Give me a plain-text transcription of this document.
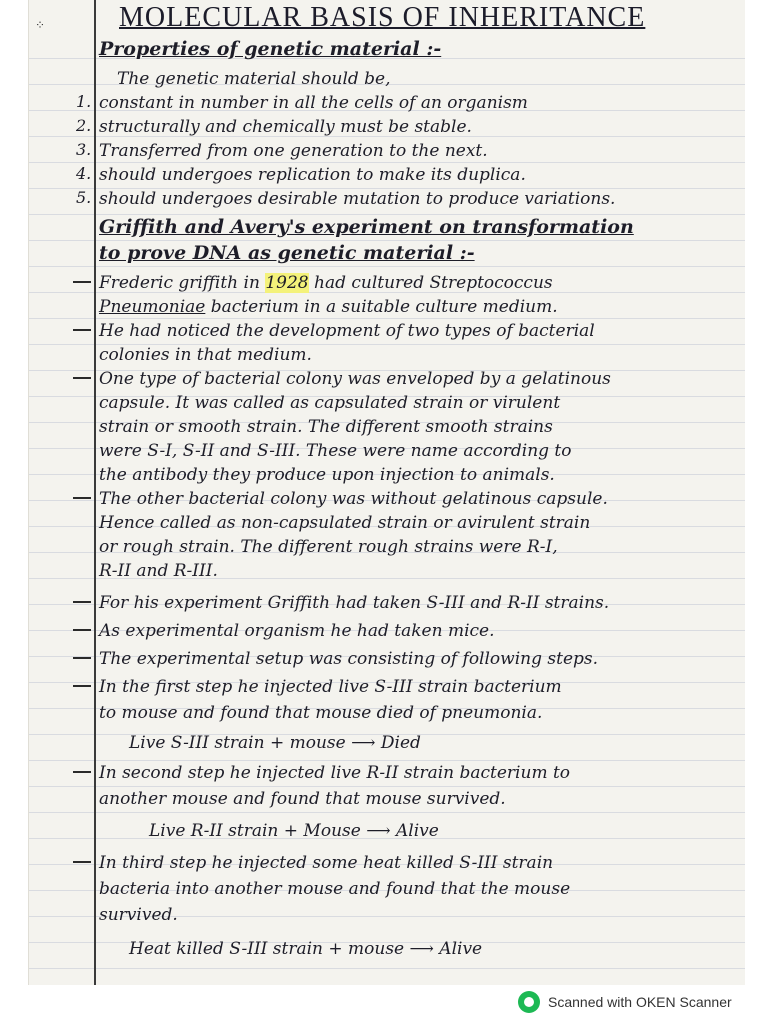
⁘	MOLECULAR BASIS OF INHERITANCE
Properties of genetic material :-
The genetic material should be,
1. constant in number in all the cells of an organism
2. structurally and chemically must be stable.
3. Transferred from one generation to the next.
4. should undergoes replication to make its duplica.
5. should undergoes desirable mutation to produce variations.
Griffith and Avery's experiment on transformation
to prove DNA as genetic material :-
Frederic griffith in 1928 had cultured Streptococcus
Pneumoniae bacterium in a suitable culture medium.
He had noticed the development of two types of bacterial
colonies in that medium.
One type of bacterial colony was enveloped by a gelatinous
capsule. It was called as capsulated strain or virulent
strain or smooth strain. The different smooth strains
were S-I, S-II and S-III. These were name according to
the antibody they produce upon injection to animals.
The other bacterial colony was without gelatinous capsule.
Hence called as non-capsulated strain or avirulent strain
or rough strain. The different rough strains were R-I,
R-II and R-III.
For his experiment Griffith had taken S-III and R-II strains.
As experimental organism he had taken mice.
The experimental setup was consisting of following steps.
In the first step he injected live S-III strain bacterium
to mouse and found that mouse died of pneumonia.
Live S-III strain + mouse ⟶ Died
In second step he injected live R-II strain bacterium to
another mouse and found that mouse survived.
Live R-II strain + Mouse ⟶ Alive
In third step he injected some heat killed S-III strain
bacteria into another mouse and found that the mouse
survived.
Heat killed S-III strain + mouse ⟶ Alive
Scanned with OKEN Scanner
